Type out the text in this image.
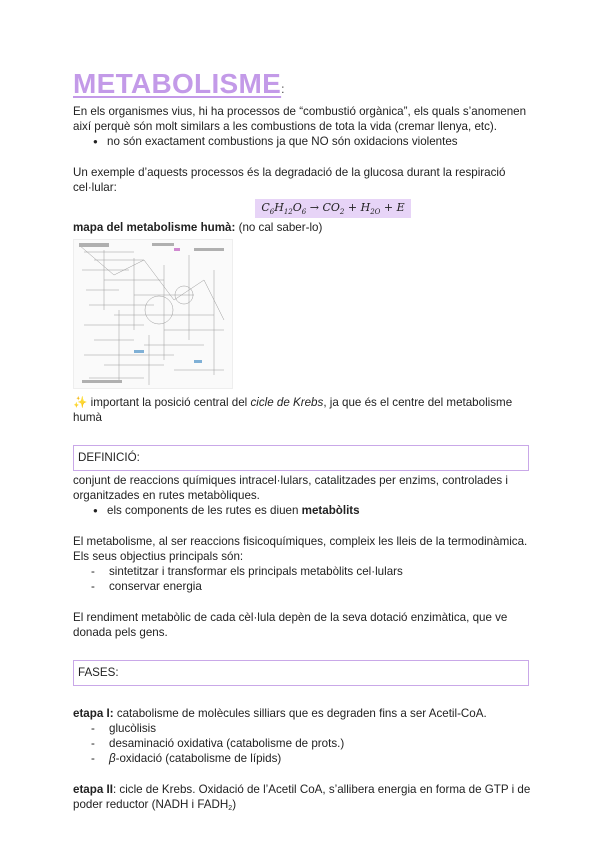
METABOLISME:

En els organismes vius, hi ha processos de “combustió orgànica”, els quals s’anomenen així perquè són molt similars a les combustions de tota la vida (cremar llenya, etc).

● no són exactament combustions ja que NO són oxidacions violentes

Un exemple d’aquests processos és la degradació de la glucosa durant la respiració cel·lular:

$C_6H_{12}O_6 \to CO_2 + H_{2O} + E$

mapa del metabolisme humà: (no cal saber-lo)

✨ important la posició central del cicle de Krebs, ja que és el centre del metabolisme humà

DEFINICIÓ:

conjunt de reaccions químiques intracel·lulars, catalitzades per enzims, controlades i organitzades en rutes metabòliques.

● els components de les rutes es diuen metabòlits

El metabolisme, al ser reaccions fisicoquímiques, compleix les lleis de la termodinàmica. Els seus objectius principals són:

- sintetitzar i transformar els principals metabòlits cel·lulars
- conservar energia

El rendiment metabòlic de cada cèl·lula depèn de la seva dotació enzimàtica, que ve donada pels gens.

FASES:

etapa I: catabolisme de molècules silliars que es degraden fins a ser Acetil-CoA.

- glucòlisis
- desaminació oxidativa (catabolisme de prots.)
- β-oxidació (catabolisme de lípids)

etapa II: cicle de Krebs. Oxidació de l’Acetil CoA, s’allibera energia en forma de GTP i de poder reductor (NADH i $FADH_2$)
